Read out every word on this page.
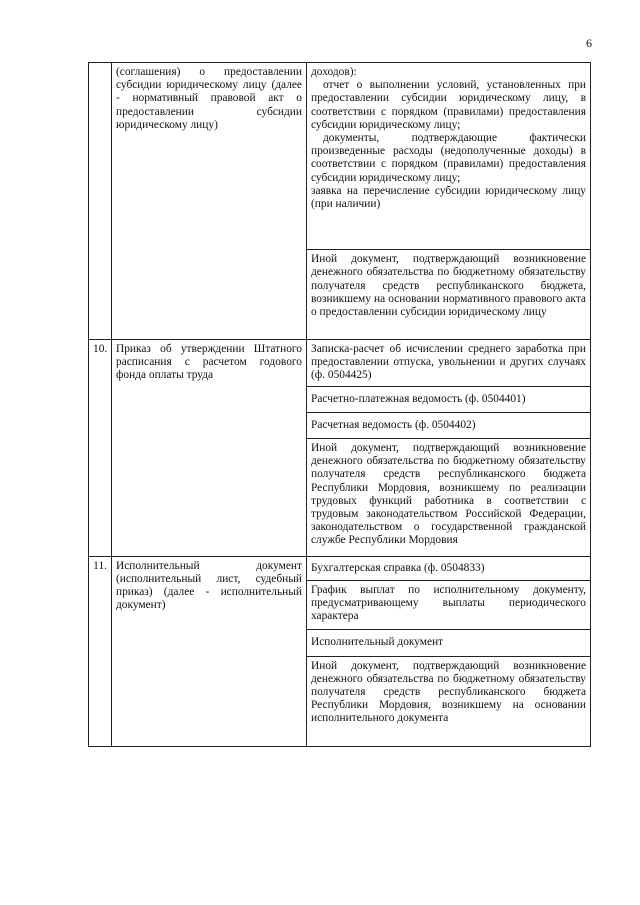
6
	(соглашения) о предоставлении субсидии юридическому лицу (далее - нормативный правовой акт о предоставлении субсидии юридическому лицу)	доходов):
отчет о выполнении условий, установленных при предоставлении субсидии юридическому лицу, в соответствии с порядком (правилами) предоставления субсидии юридическому лицу;
документы, подтверждающие фактически произведенные расходы (недополученные доходы) в соответствии с порядком (правилами) предоставления субсидии юридическому лицу;
заявка на перечисление субсидии юридическому лицу (при наличии)

		Иной документ, подтверждающий возникновение денежного обязательства по бюджетному обязательству получателя средств республиканского бюджета, возникшему на основании нормативного правового акта о предоставлении субсидии юридическому лицу
10.	Приказ об утверждении Штатного расписания с расчетом годового фонда оплаты труда	Записка-расчет об исчислении среднего заработка при предоставлении отпуска, увольнении и других случаях (ф. 0504425)
		Расчетно-платежная ведомость (ф. 0504401)
		Расчетная ведомость (ф. 0504402)
		Иной документ, подтверждающий возникновение денежного обязательства по бюджетному обязательству получателя средств республиканского бюджета Республики Мордовия, возникшему по реализации трудовых функций работника в соответствии с трудовым законодательством Российской Федерации, законодательством о государственной гражданской службе Республики Мордовия
11.	Исполнительный документ (исполнительный лист, судебный приказ) (далее - исполнительный документ)	Бухгалтерская справка (ф. 0504833)
		График выплат по исполнительному документу, предусматривающему выплаты периодического характера
		Исполнительный документ
		Иной документ, подтверждающий возникновение денежного обязательства по бюджетному обязательству получателя средств республиканского бюджета Республики Мордовия, возникшему на основании исполнительного документа
